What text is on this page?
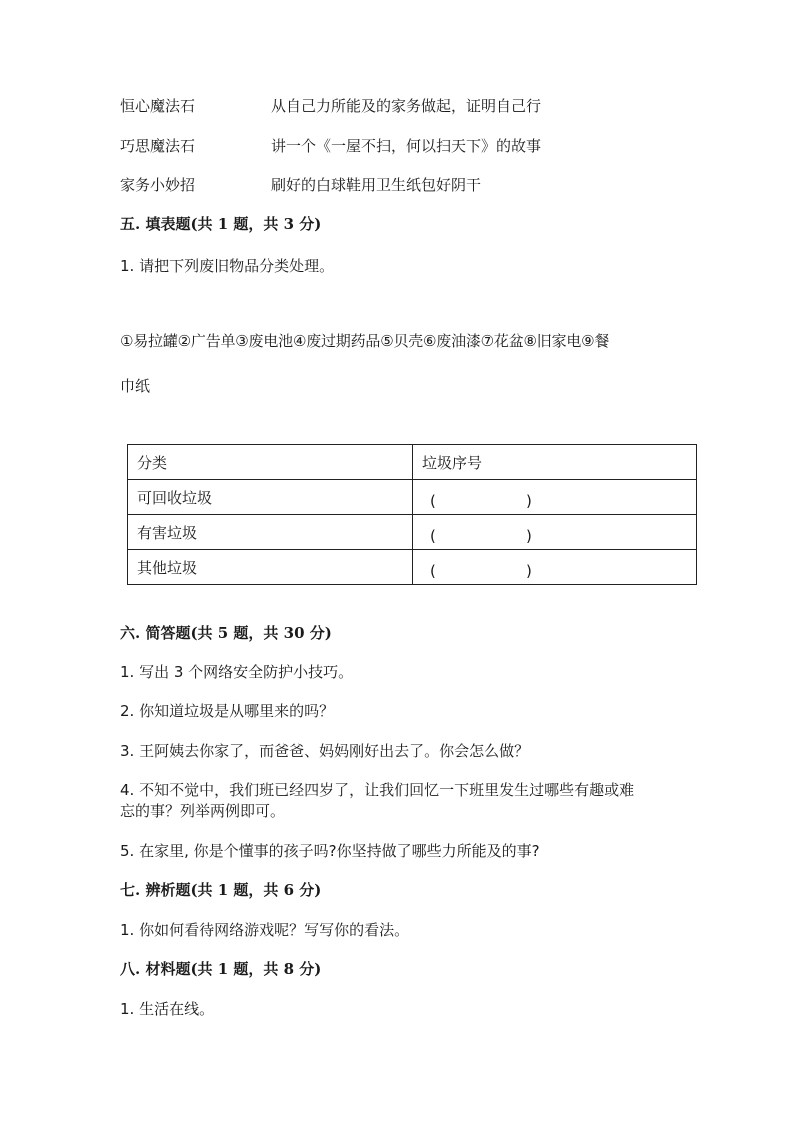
恒心魔法石	从自己力所能及的家务做起，证明自己行
巧思魔法石	讲一个《一屋不扫，何以扫天下》的故事
家务小妙招	刷好的白球鞋用卫生纸包好阴干
五. 填表题(共 1 题，共 3 分)
1. 请把下列废旧物品分类处理。
①易拉罐②广告单③废电池④废过期药品⑤贝壳⑥废油漆⑦花盆⑧旧家电⑨餐
巾纸
分类	垃圾序号
可回收垃圾	( )

有害垃圾	( )

其他垃圾	( )
六. 简答题(共 5 题，共 30 分)
1. 写出 3 个网络安全防护小技巧。
2. 你知道垃圾是从哪里来的吗？
3. 王阿姨去你家了，而爸爸、妈妈刚好出去了。你会怎么做？
4. 不知不觉中，我们班已经四岁了，让我们回忆一下班里发生过哪些有趣或难
忘的事？列举两例即可。
5. 在家里, 你是个懂事的孩子吗?你坚持做了哪些力所能及的事?
七. 辨析题(共 1 题，共 6 分)
1. 你如何看待网络游戏呢？写写你的看法。
八. 材料题(共 1 题，共 8 分)
1. 生活在线。
